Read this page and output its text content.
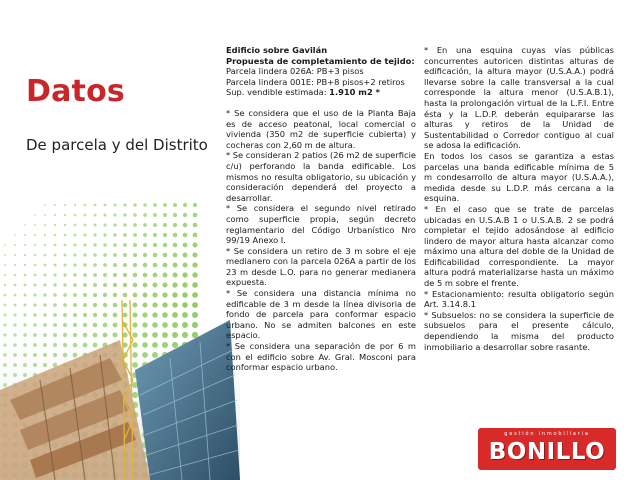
Datos
De parcela y del Distrito

Edificio sobre Gavilán

Propuesta de completamiento de tejido:

Parcela lindera 026A: PB+3 pisos

Parcela lindera 001E: PB+8 pisos+2 retiros

Sup. vendible estimada: 1.910 m2 *

* Se considera que el uso de la Planta Baja es de acceso peatonal, local comercial o vivienda (350 m2 de superficie cubierta) y cocheras con 2,60 m de altura.

* Se consideran 2 patios (26 m2 de superficie c/u) perforando la banda edificable. Los mismos no resulta obligatorio, su ubicación y consideración dependerá del proyecto a desarrollar.

* Se considera el segundo nivel retirado como superficie propia, según decreto reglamentario del Código Urbanístico Nro 99/19 Anexo I.

* Se considera un retiro de 3 m sobre el eje medianero con la parcela 026A a partir de los 23 m desde L.O. para no generar medianera expuesta.

* Se considera una distancia mínima no edificable de 3 m desde la línea divisoria de fondo de parcela para conformar espacio urbano. No se admiten balcones en este espacio.

* Se considera una separación de por 6 m con el edificio sobre Av. Gral. Mosconi para conformar espacio urbano.

* En una esquina cuyas vías públicas concurrentes autoricen distintas alturas de edificación, la altura mayor (U.S.A.A.) podrá llevarse sobre la calle transversal a la cual corresponde la altura menor (U.S.A.B.1), hasta la prolongación virtual de la L.F.I. Entre ésta y la L.D.P. deberán equipararse las alturas y retiros de la Unidad de Sustentabilidad o Corredor contiguo al cual se adosa la edificación.

En todos los casos se garantiza a estas parcelas una banda edificable mínima de 5 m condesarrollo de altura mayor (U.S.A.A.), medida desde su L.D.P. más cercana a la esquina.

* En el caso que se trate de parcelas ubicadas en U.S.A.B 1 o U.S.A.B. 2 se podrá completar el tejido adosándose al edificio lindero de mayor altura hasta alcanzar como máximo una altura del doble de la Unidad de Edificabilidad correspondiente. La mayor altura podrá materializarse hasta un máximo de 5 m sobre el frente.

* Estacionamiento: resulta obligatorio según Art. 3.14.8.1

* Subsuelos: no se considera la superficie de subsuelos para el presente cálculo, dependiendo la misma del producto inmobiliario a desarrollar sobre rasante.

gestión inmobiliaria
BONILLO
